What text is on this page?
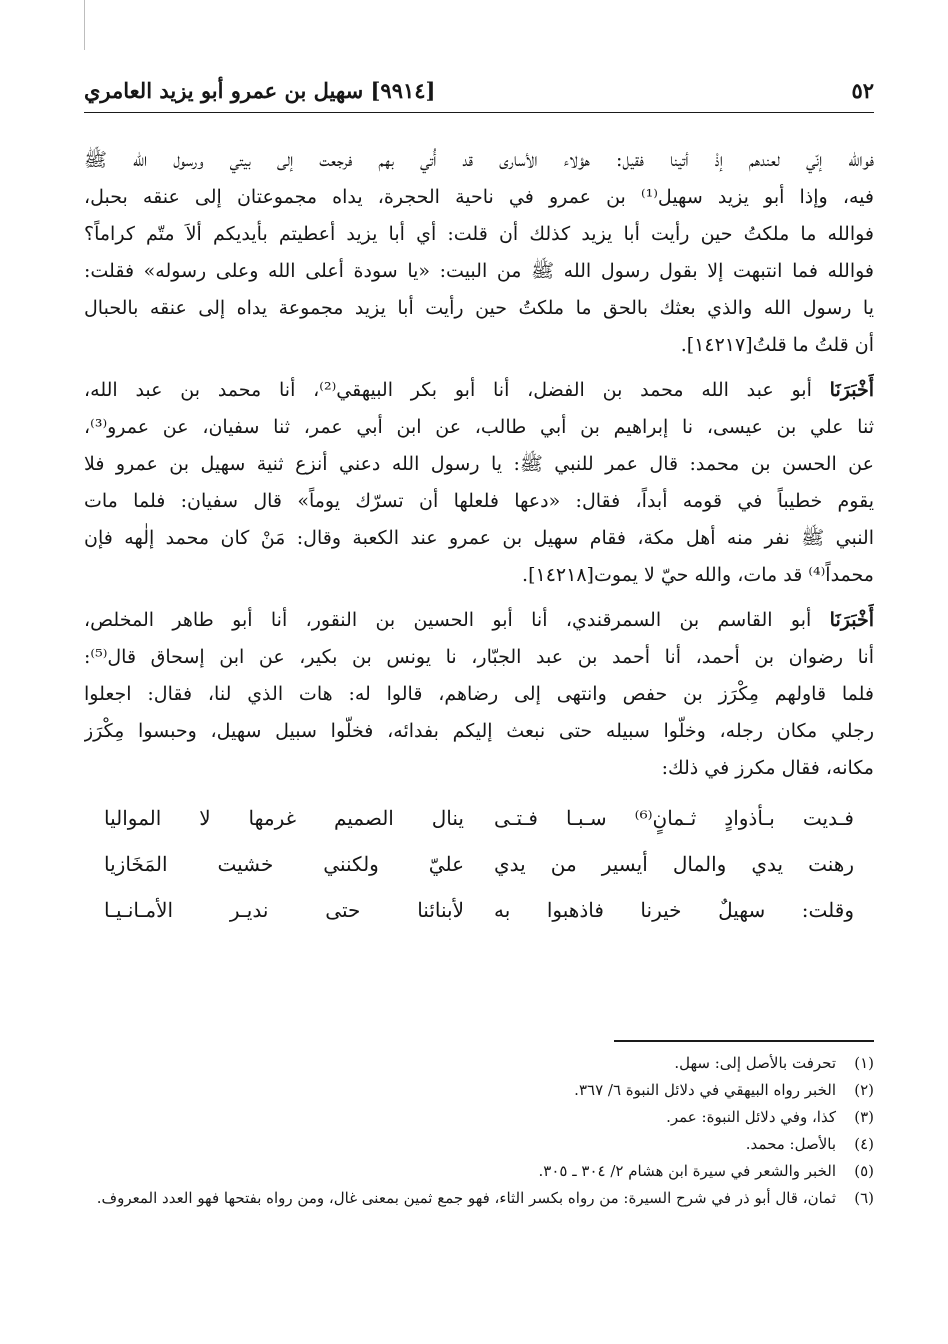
٥٢
[٩٩١٤] سهيل بن عمرو أبو يزيد العامري
فوالله إنّي لعندهم إذْ أتينا فقيل: هؤلاء الأسارى قد أُتي بهم فرجعت إلى بيتي ورسول الله ﷺ
فيه، وإذا أبو يزيد سهيل⁽¹⁾ بن عمرو في ناحية الحجرة، يداه مجموعتان إلى عنقه بحبل،
فوالله ما ملكتُ حين رأيت أبا يزيد كذلك أن قلت: أي أبا يزيد أعطيتم بأيديكم ألاَ متّم كراماً؟
فوالله فما انتبهت إلا بقول رسول الله ﷺ من البيت: «يا سودة أعلى الله وعلى رسوله» فقلت:
يا رسول الله والذي بعثك بالحق ما ملكتُ حين رأيت أبا يزيد مجموعة يداه إلى عنقه بالحبال
أن قلتُ ما قلتُ[١٤٢١٧].
أَخْبَرَنَا أبو عبد الله محمد بن الفضل، أنا أبو بكر البيهقي⁽²⁾، أنا محمد بن عبد الله،
ثنا علي بن عيسى، نا إبراهيم بن أبي طالب، عن ابن أبي عمر، ثنا سفيان، عن عمرو⁽³⁾،
عن الحسن بن محمد: قال عمر للنبي ﷺ: يا رسول الله دعني أنزع ثنية سهيل بن عمرو فلا
يقوم خطيباً في قومه أبداً، فقال: «دعها فلعلها أن تسرّك يوماً» قال سفيان: فلما مات
النبي ﷺ نفر منه أهل مكة، فقام سهيل بن عمرو عند الكعبة وقال: مَنْ كان محمد إلٰهه فإن
محمداً⁽⁴⁾ قد مات، والله حيّ لا يموت[١٤٢١٨].
أَخْبَرَنَا أبو القاسم بن السمرقندي، أنا أبو الحسين بن النقور، أنا أبو طاهر المخلص،
أنا رضوان بن أحمد، أنا أحمد بن عبد الجبّار، نا يونس بن بكير، عن ابن إسحاق قال⁽⁵⁾:
فلما قاولهم مِكْرَز بن حفص وانتهى إلى رضاهم، قالوا له: هات الذي لنا، فقال: اجعلوا
رجلي مكان رجله، وخلّوا سبيله حتى نبعث إليكم بفدائه، فخلّوا سبيل سهيل، وحبسوا مِكْرَز
مكانه، فقال مكرز في ذلك:
فـديت بـأذوادٍ ثـمانٍ⁽⁶⁾ سـبـا فـتـى
ينال الصميم غرمها لا المواليا
رهنت يدي والمال أيسير من يدي
عليّ ولكنني خشيت المَخَازيا
وقلت: سهيلٌ خيرنا فاذهبوا به
لأبنائنا حتى نديـر الأمـانـيـا
(١)
تحرفت بالأصل إلى: سهل.
(٢)
الخبر رواه البيهقي في دلائل النبوة ٦/ ٣٦٧.
(٣)
كذا، وفي دلائل النبوة: عمر.
(٤)
بالأصل: محمد.
(٥)
الخبر والشعر في سيرة ابن هشام ٢/ ٣٠٤ ـ ٣٠٥.
(٦)
ثمان، قال أبو ذر في شرح السيرة: من رواه بكسر الثاء، فهو جمع ثمين بمعنى غال، ومن رواه بفتحها فهو العدد المعروف.
